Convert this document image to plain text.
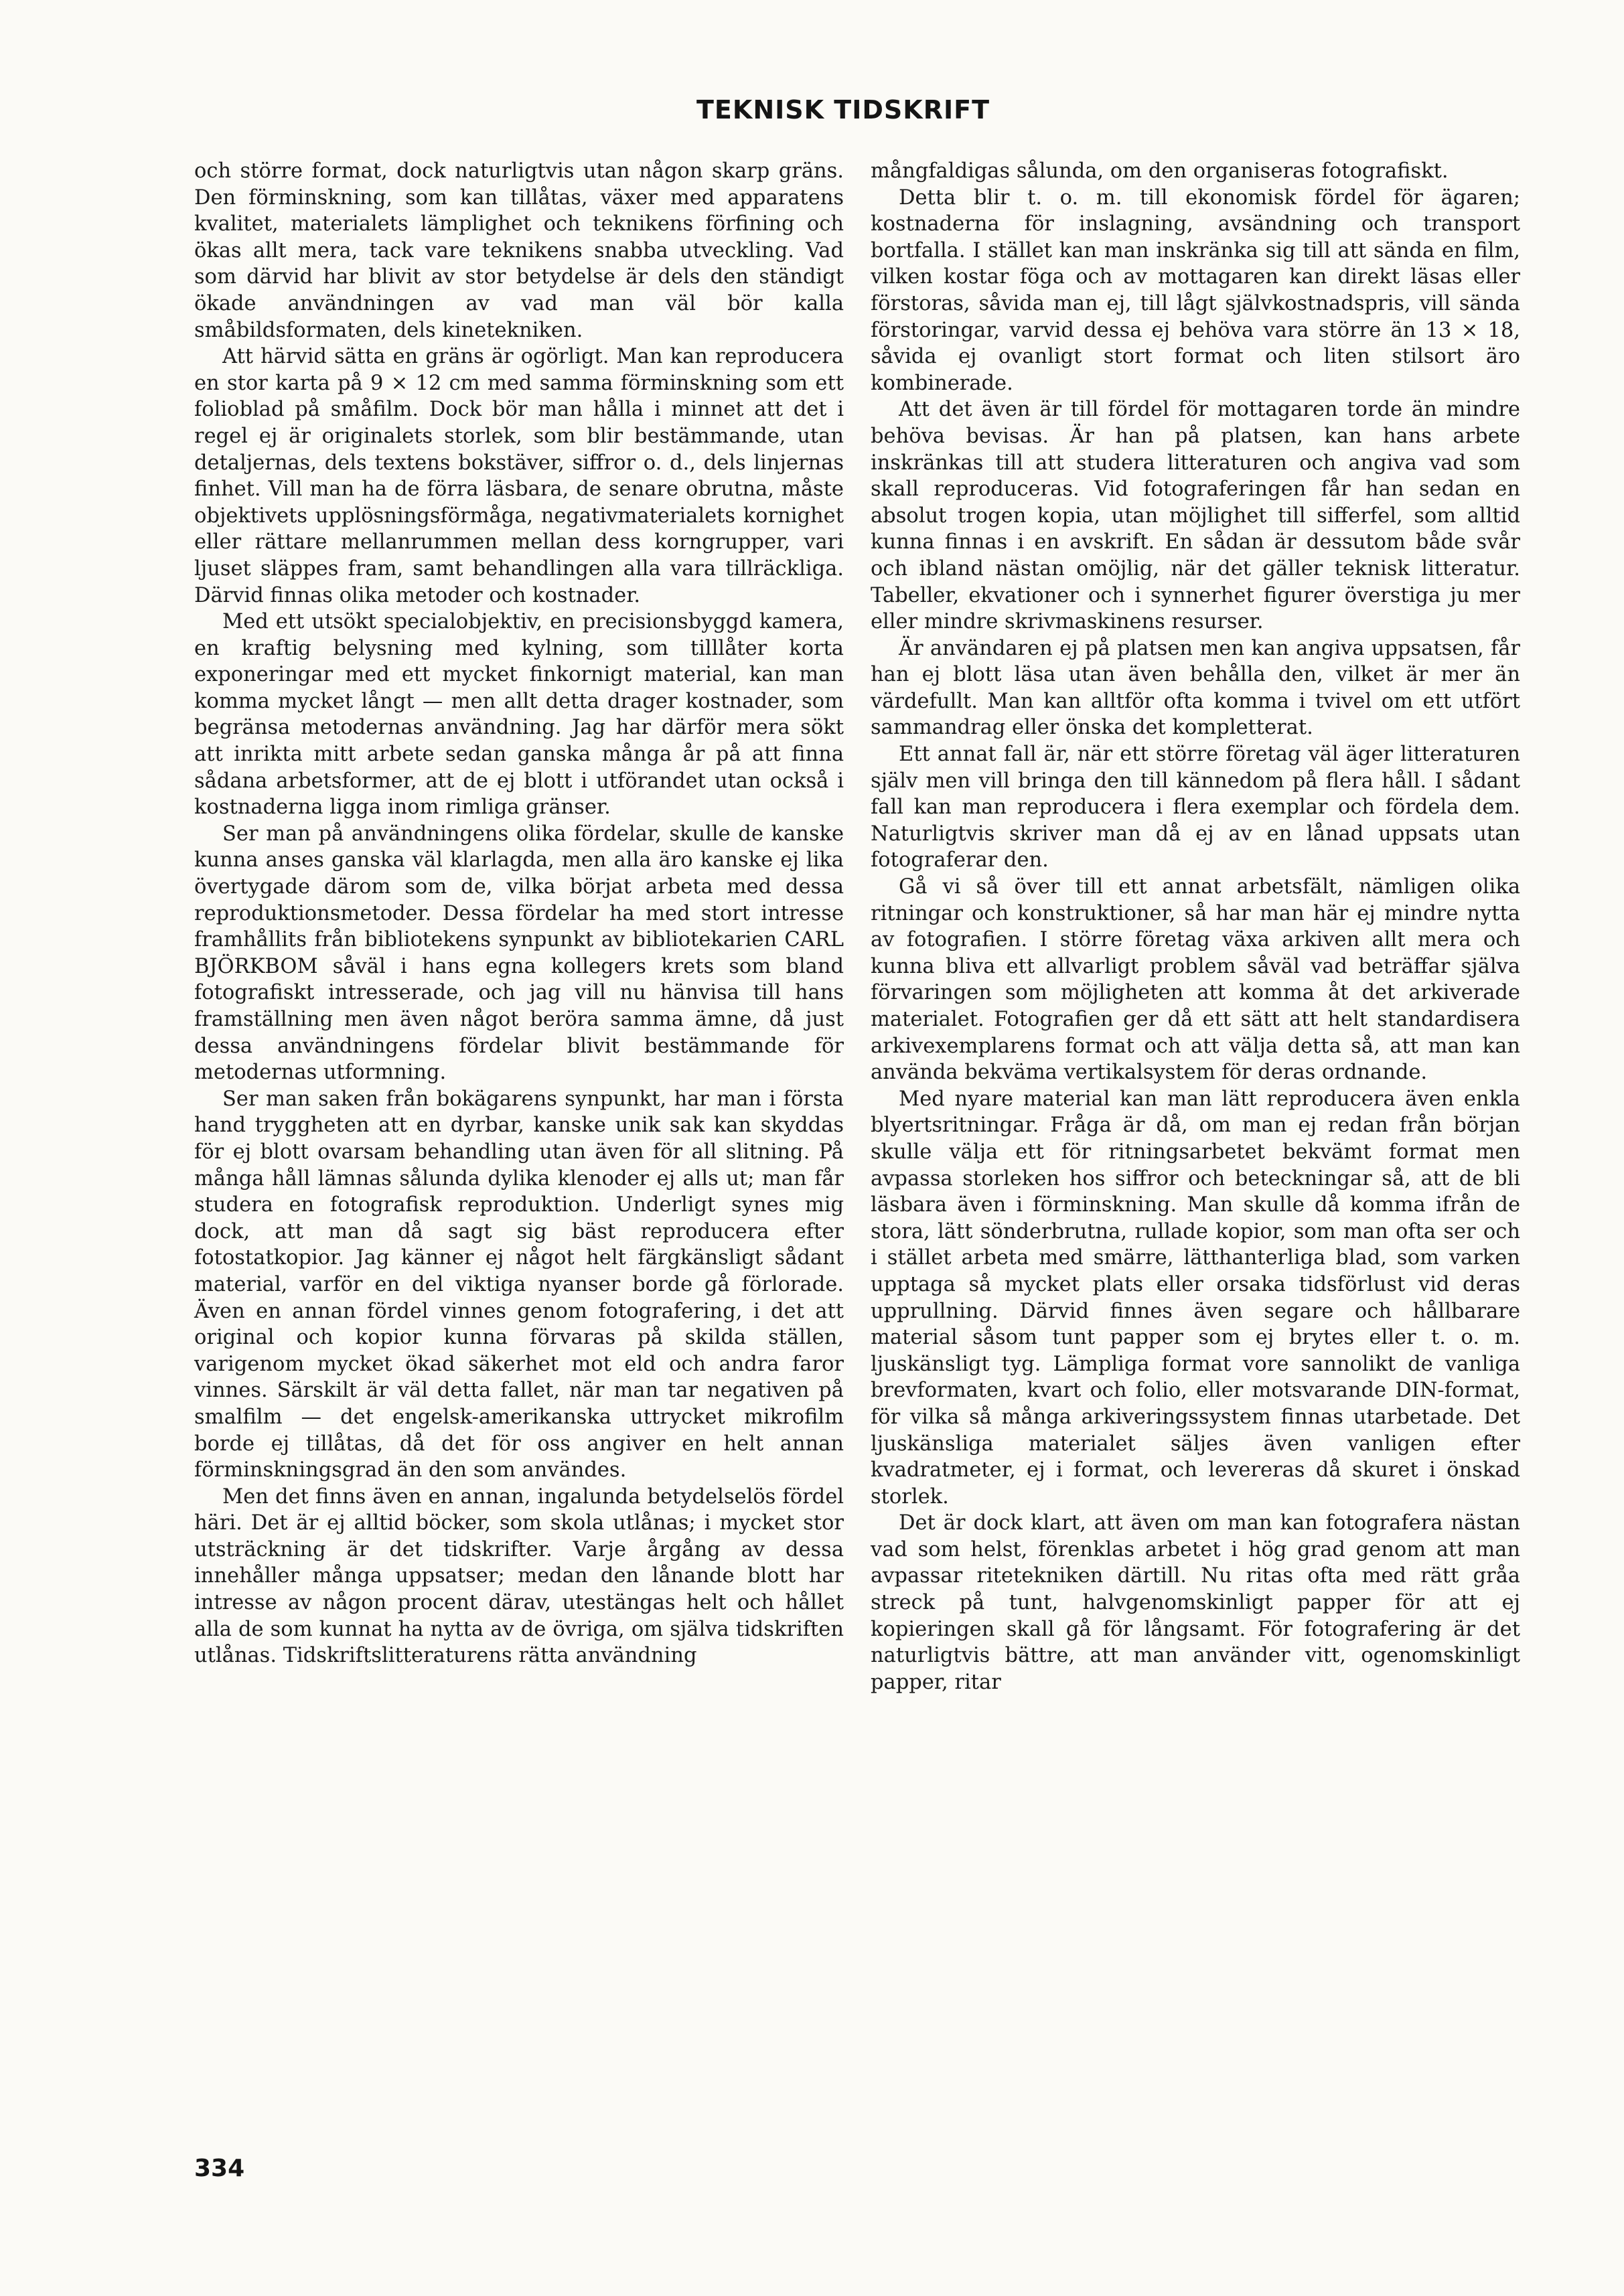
TEKNISK TIDSKRIFT

och större format, dock naturligtvis utan någon skarp gräns. Den förminskning, som kan tillåtas, växer med apparatens kvalitet, materialets lämplighet och teknikens förfining och ökas allt mera, tack vare teknikens snabba utveckling. Vad som därvid har blivit av stor betydelse är dels den ständigt ökade användningen av vad man väl bör kalla småbildsformaten, dels kinetekniken.

Att härvid sätta en gräns är ogörligt. Man kan reproducera en stor karta på 9 × 12 cm med samma förminskning som ett folioblad på småfilm. Dock bör man hålla i minnet att det i regel ej är originalets storlek, som blir bestämmande, utan detaljernas, dels textens bokstäver, siffror o. d., dels linjernas finhet. Vill man ha de förra läsbara, de senare obrutna, måste objektivets upplösningsförmåga, negativmaterialets kornighet eller rättare mellanrummen mellan dess korngrupper, vari ljuset släppes fram, samt behandlingen alla vara tillräckliga. Därvid finnas olika metoder och kostnader.

Med ett utsökt specialobjektiv, en precisionsbyggd kamera, en kraftig belysning med kylning, som tilllåter korta exponeringar med ett mycket finkornigt material, kan man komma mycket långt — men allt detta drager kostnader, som begränsa metodernas användning. Jag har därför mera sökt att inrikta mitt arbete sedan ganska många år på att finna sådana arbetsformer, att de ej blott i utförandet utan också i kostnaderna ligga inom rimliga gränser.

Ser man på användningens olika fördelar, skulle de kanske kunna anses ganska väl klarlagda, men alla äro kanske ej lika övertygade därom som de, vilka börjat arbeta med dessa reproduktionsmetoder. Dessa fördelar ha med stort intresse framhållits från bibliotekens synpunkt av bibliotekarien CARL BJÖRKBOM såväl i hans egna kollegers krets som bland fotografiskt intresserade, och jag vill nu hänvisa till hans framställning men även något beröra samma ämne, då just dessa användningens fördelar blivit bestämmande för metodernas utformning.

Ser man saken från bokägarens synpunkt, har man i första hand tryggheten att en dyrbar, kanske unik sak kan skyddas för ej blott ovarsam behandling utan även för all slitning. På många håll lämnas sålunda dylika klenoder ej alls ut; man får studera en fotografisk reproduktion. Underligt synes mig dock, att man då sagt sig bäst reproducera efter fotostatkopior. Jag känner ej något helt färgkänsligt sådant material, varför en del viktiga nyanser borde gå förlorade. Även en annan fördel vinnes genom fotografering, i det att original och kopior kunna förvaras på skilda ställen, varigenom mycket ökad säkerhet mot eld och andra faror vinnes. Särskilt är väl detta fallet, när man tar negativen på smalfilm — det engelsk-amerikanska uttrycket mikrofilm borde ej tillåtas, då det för oss angiver en helt annan förminskningsgrad än den som användes.

Men det finns även en annan, ingalunda betydelselös fördel häri. Det är ej alltid böcker, som skola utlånas; i mycket stor utsträckning är det tidskrifter. Varje årgång av dessa innehåller många uppsatser; medan den lånande blott har intresse av någon procent därav, utestängas helt och hållet alla de som kunnat ha nytta av de övriga, om själva tidskriften utlånas. Tidskriftslitteraturens rätta användning

mångfaldigas sålunda, om den organiseras fotografiskt.

Detta blir t. o. m. till ekonomisk fördel för ägaren; kostnaderna för inslagning, avsändning och transport bortfalla. I stället kan man inskränka sig till att sända en film, vilken kostar föga och av mottagaren kan direkt läsas eller förstoras, såvida man ej, till lågt självkostnadspris, vill sända förstoringar, varvid dessa ej behöva vara större än 13 × 18, såvida ej ovanligt stort format och liten stilsort äro kombinerade.

Att det även är till fördel för mottagaren torde än mindre behöva bevisas. Är han på platsen, kan hans arbete inskränkas till att studera litteraturen och angiva vad som skall reproduceras. Vid fotograferingen får han sedan en absolut trogen kopia, utan möjlighet till sifferfel, som alltid kunna finnas i en avskrift. En sådan är dessutom både svår och ibland nästan omöjlig, när det gäller teknisk litteratur. Tabeller, ekvationer och i synnerhet figurer överstiga ju mer eller mindre skrivmaskinens resurser.

Är användaren ej på platsen men kan angiva uppsatsen, får han ej blott läsa utan även behålla den, vilket är mer än värdefullt. Man kan alltför ofta komma i tvivel om ett utfört sammandrag eller önska det kompletterat.

Ett annat fall är, när ett större företag väl äger litteraturen själv men vill bringa den till kännedom på flera håll. I sådant fall kan man reproducera i flera exemplar och fördela dem. Naturligtvis skriver man då ej av en lånad uppsats utan fotograferar den.

Gå vi så över till ett annat arbetsfält, nämligen olika ritningar och konstruktioner, så har man här ej mindre nytta av fotografien. I större företag växa arkiven allt mera och kunna bliva ett allvarligt problem såväl vad beträffar själva förvaringen som möjligheten att komma åt det arkiverade materialet. Fotografien ger då ett sätt att helt standardisera arkivexemplarens format och att välja detta så, att man kan använda bekväma vertikalsystem för deras ordnande.

Med nyare material kan man lätt reproducera även enkla blyertsritningar. Fråga är då, om man ej redan från början skulle välja ett för ritningsarbetet bekvämt format men avpassa storleken hos siffror och beteckningar så, att de bli läsbara även i förminskning. Man skulle då komma ifrån de stora, lätt sönderbrutna, rullade kopior, som man ofta ser och i stället arbeta med smärre, lätthanterliga blad, som varken upptaga så mycket plats eller orsaka tidsförlust vid deras upprullning. Därvid finnes även segare och hållbarare material såsom tunt papper som ej brytes eller t. o. m. ljuskänsligt tyg. Lämpliga format vore sannolikt de vanliga brevformaten, kvart och folio, eller motsvarande DIN-format, för vilka så många arkiveringssystem finnas utarbetade. Det ljuskänsliga materialet säljes även vanligen efter kvadratmeter, ej i format, och levereras då skuret i önskad storlek.

Det är dock klart, att även om man kan fotografera nästan vad som helst, förenklas arbetet i hög grad genom att man avpassar ritetekniken därtill. Nu ritas ofta med rätt gråa streck på tunt, halvgenomskinligt papper för att ej kopieringen skall gå för långsamt. För fotografering är det naturligtvis bättre, att man använder vitt, ogenomskinligt papper, ritar

334
